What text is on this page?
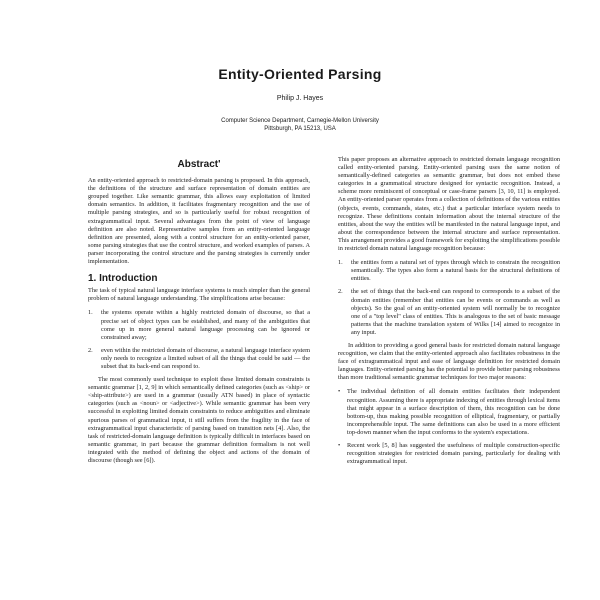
Entity-Oriented Parsing
Philip J. Hayes
Computer Science Department, Carnegie-Mellon University
Pittsburgh, PA 15213, USA
Abstract'

An entity-oriented approach to restricted-domain parsing is proposed. In this approach, the definitions of the structure and surface representation of domain entities are grouped together. Like semantic grammar, this allows easy exploitation of limited domain semantics. In addition, it facilitates fragmentary recognition and the use of multiple parsing strategies, and so is particularly useful for robust recognition of extragrammatical input. Several advantages from the point of view of language definition are also noted. Representative samples from an entity-oriented language definition are presented, along with a control structure for an entity-oriented parser, some parsing strategies that use the control structure, and worked examples of parses. A parser incorporating the control structure and the parsing strategies is currently under implementation.

1. Introduction

The task of typical natural language interface systems is much simpler than the general problem of natural language understanding. The simplifications arise because:

1. the systems operate within a highly restricted domain of discourse, so that a precise set of object types can be established, and many of the ambiguities that come up in more general natural language processing can be ignored or constrained away;
2. even within the restricted domain of discourse, a natural language interface system only needs to recognize a limited subset of all the things that could be said — the subset that its back-end can respond to.

The most commonly used technique to exploit these limited domain constraints is semantic grammar [1, 2, 9] in which semantically defined categories (such as <ship> or <ship-attribute>) are used in a grammar (usually ATN based) in place of syntactic categories (such as <noun> or <adjective>). While semantic grammar has been very successful in exploiting limited domain constraints to reduce ambiguities and eliminate spurious parses of grammatical input, it still suffers from the fragility in the face of extragrammatical input characteristic of parsing based on transition nets [4]. Also, the task of restricted-domain language definition is typically difficult in interfaces based on semantic grammar, in part because the grammar definition formalism is not well integrated with the method of defining the object and actions of the domain of discourse (though see [6]).

This paper proposes an alternative approach to restricted domain language recognition called entity-oriented parsing. Entity-oriented parsing uses the same notion of semantically-defined categories as semantic grammar, but does not embed these categories in a grammatical structure designed for syntactic recognition. Instead, a scheme more reminiscent of conceptual or case-frame parsers [3, 10, 11] is employed. An entity-oriented parser operates from a collection of definitions of the various entities (objects, events, commands, states, etc.) that a particular interface system needs to recognize. These definitions contain information about the internal structure of the entities, about the way the entities will be manifested in the natural language input, and about the correspondence between the internal structure and surface representation. This arrangement provides a good framework for exploiting the simplifications possible in restricted domain natural language recognition because:

1. the entities form a natural set of types through which to constrain the recognition semantically. The types also form a natural basis for the structural definitions of entities.
2. the set of things that the back-end can respond to corresponds to a subset of the domain entities (remember that entities can be events or commands as well as objects). So the goal of an entity-oriented system will normally be to recognize one of a "top level" class of entities. This is analogous to the set of basic message patterns that the machine translation system of Wilks [14] aimed to recognize in any input.

In addition to providing a good general basis for restricted domain natural language recognition, we claim that the entity-oriented approach also facilitates robustness in the face of extragrammatical input and ease of language definition for restricted domain languages. Entity-oriented parsing has the potential to provide better parsing robustness than more traditional semantic grammar techniques for two major reasons:

• The individual definition of all domain entities facilitates their independent recognition. Assuming there is appropriate indexing of entities through lexical items that might appear in a surface description of them, this recognition can be done bottom-up, thus making possible recognition of elliptical, fragmentary, or partially incomprehensible input. The same definitions can also be used in a more efficient top-down manner when the input conforms to the system's expectations.
• Recent work [5, 8] has suggested the usefulness of multiple construction-specific recognition strategies for restricted domain parsing, particularly for dealing with extragrammatical input.
